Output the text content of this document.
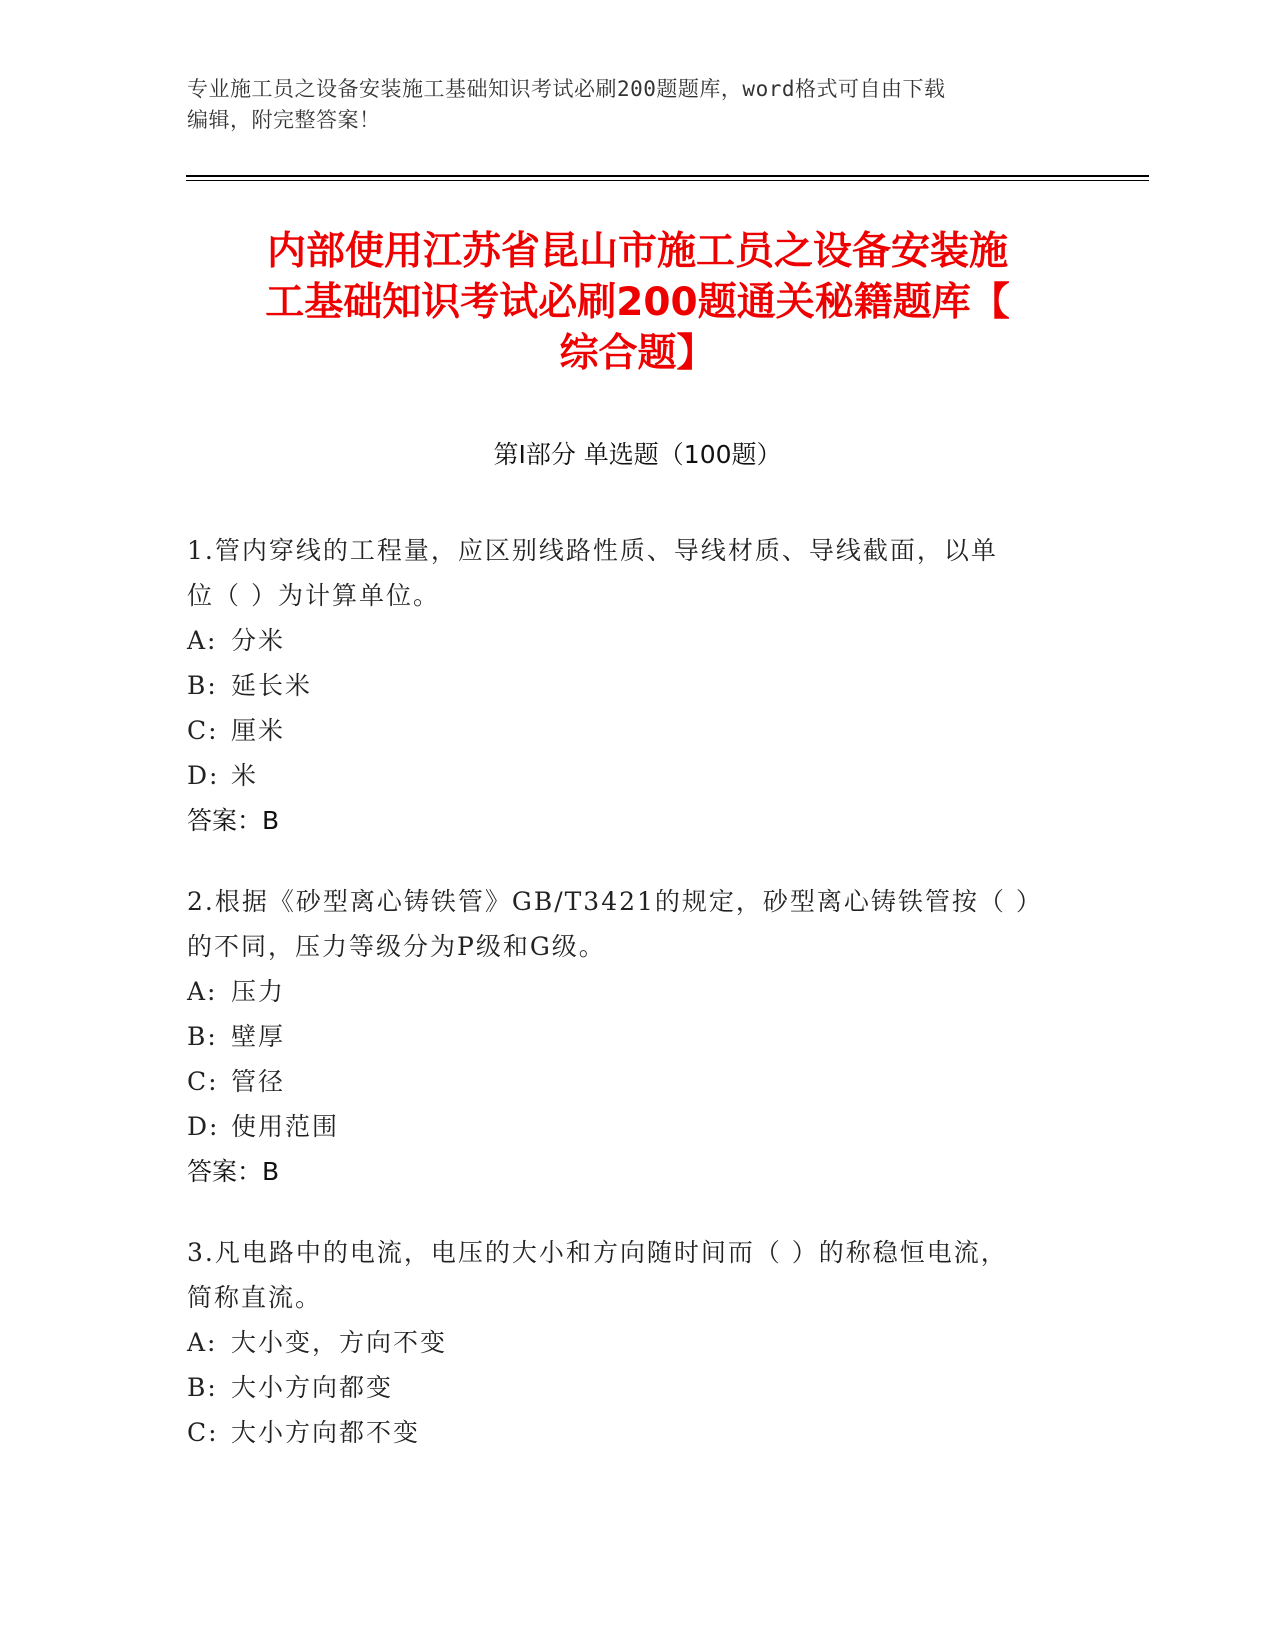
专业施工员之设备安装施工基础知识考试必刷200题题库，word格式可自由下载
编辑，附完整答案！
内部使用江苏省昆山市施工员之设备安装施
工基础知识考试必刷200题通关秘籍题库【
综合题】
第I部分 单选题（100题）
1.管内穿线的工程量，应区别线路性质、导线材质、导线截面，以单
位（ ）为计算单位。
A: 分米
B: 延长米
C: 厘米
D: 米
答案：B
2.根据《砂型离心铸铁管》GB/T3421的规定，砂型离心铸铁管按（ ）
的不同，压力等级分为P级和G级。
A: 压力
B: 壁厚
C: 管径
D: 使用范围
答案：B
3.凡电路中的电流，电压的大小和方向随时间而（ ）的称稳恒电流，
简称直流。
A: 大小变，方向不变
B: 大小方向都变
C: 大小方向都不变
